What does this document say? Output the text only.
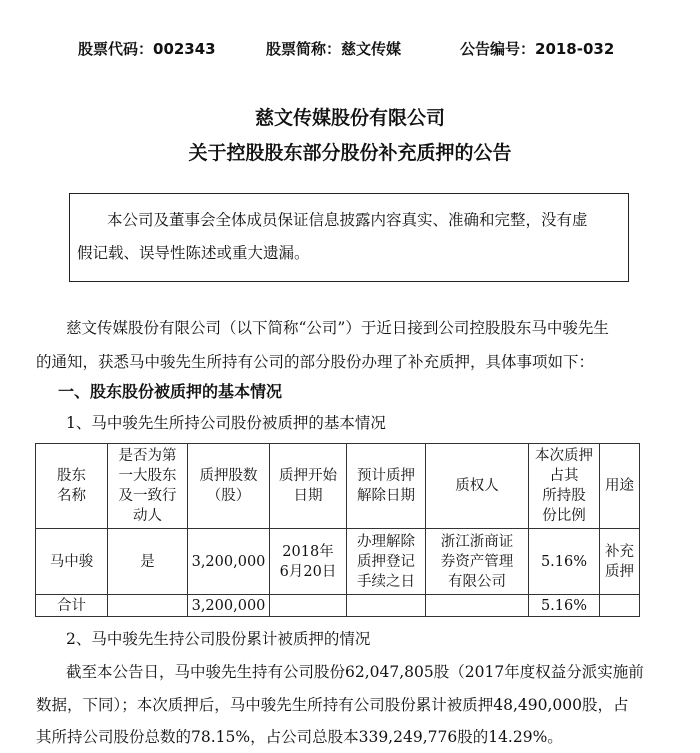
股票代码：002343	股票简称：慈文传媒	公告编号：2018-032
慈文传媒股份有限公司
关于控股股东部分股份补充质押的公告

本公司及董事会全体成员保证信息披露内容真实、准确和完整，没有虚

假记载、误导性陈述或重大遗漏。

慈文传媒股份有限公司（以下简称“公司”）于近日接到公司控股股东马中骏先生
的通知，获悉马中骏先生所持有公司的部分股份办理了补充质押，具体事项如下：
一、股东股份被质押的基本情况
1、马中骏先生所持公司股份被质押的基本情况
股东
名称	是否为第
一大股东
及一致行
动人	质押股数
（股）	质押开始
日期	预计质押
解除日期	质权人	本次质押
占其
所持股
份比例	用途

马中骏	是	3,200,000	2018年
6月20日	办理解除
质押登记
手续之日	浙江浙商证
券资产管理
有限公司	5.16%	补充
质押

合计		3,200,000				5.16%	

2、马中骏先生持公司股份累计被质押的情况
截至本公告日，马中骏先生持有公司股份62,047,805股（2017年度权益分派实施前
数据，下同）；本次质押后，马中骏先生所持有公司股份累计被质押48,490,000股，占
其所持公司股份总数的78.15%，占公司总股本339,249,776股的14.29%。
